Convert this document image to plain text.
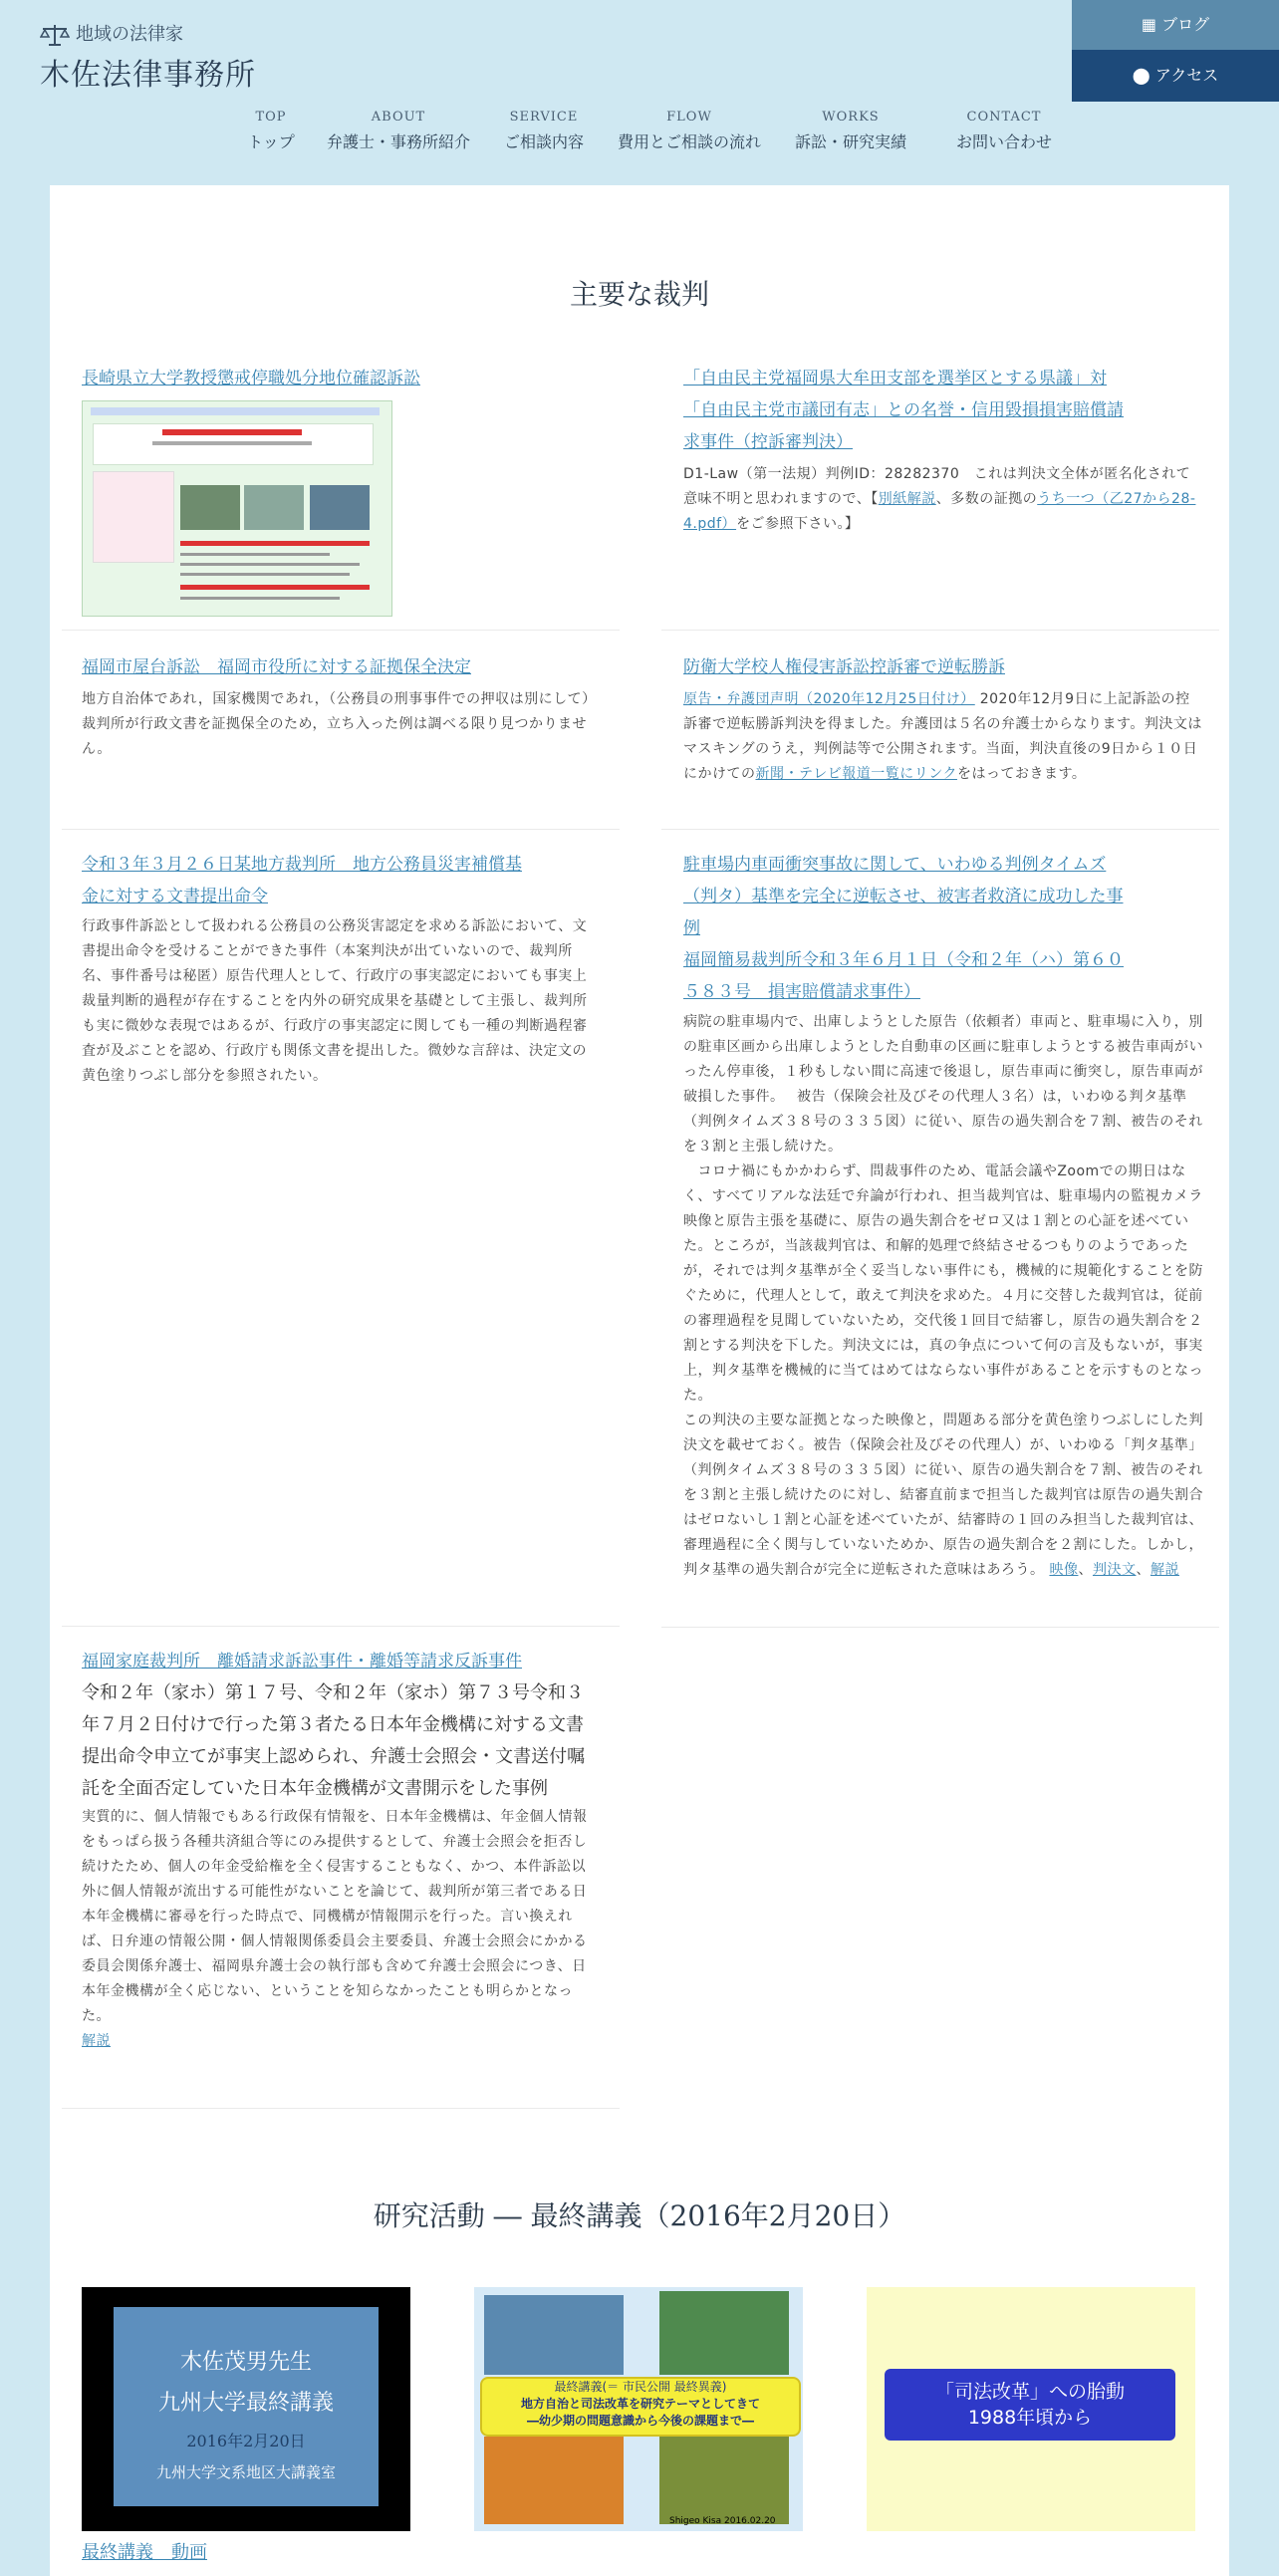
地域の法律家
木佐法律事務所
▦ ブログ
⬤ アクセス
TOP
トップ
ABOUT
弁護士・事務所紹介
SERVICE
ご相談内容
FLOW
費用とご相談の流れ
WORKS
訴訟・研究実績
CONTACT
お問い合わせ
主要な裁判
長崎県立大学教授懲戒停職処分地位確認訴訟	「自由民主党福岡県大牟田支部を選挙区とする県議」対
「自由民主党市議団有志」との名誉・信用毀損損害賠償請
求事件（控訴審判決）
D1-Law（第一法規）判例ID：28282370　これは判決文全体が匿名化されて意味不明と思われますので、【別紙解説、多数の証拠のうち一つ（乙27から28-4.pdf）をご参照下さい。】
福岡市屋台訴訟　福岡市役所に対する証拠保全決定
地方自治体であれ，国家機関であれ，（公務員の刑事事件での押収は別にして）裁判所が行政文書を証拠保全のため，立ち入った例は調べる限り見つかりません。
防衛大学校人権侵害訴訟控訴審で逆転勝訴
原告・弁護団声明（2020年12月25日付け） 2020年12月9日に上記訴訟の控訴審で逆転勝訴判決を得ました。弁護団は５名の弁護士からなります。判決文はマスキングのうえ，判例誌等で公開されます。当面，判決直後の9日から１０日にかけての新聞・テレビ報道一覧にリンクをはっておきます。
令和３年３月２６日某地方裁判所　地方公務員災害補償基
金に対する文書提出命令
行政事件訴訟として扱われる公務員の公務災害認定を求める訴訟において、文書提出命令を受けることができた事件（本案判決が出ていないので、裁判所名、事件番号は秘匿）原告代理人として、行政庁の事実認定においても事実上裁量判断的過程が存在することを内外の研究成果を基礎として主張し、裁判所も実に微妙な表現ではあるが、行政庁の事実認定に関しても一種の判断過程審査が及ぶことを認め、行政庁も関係文書を提出した。微妙な言辞は、決定文の黄色塗りつぶし部分を参照されたい。
駐車場内車両衝突事故に関して、いわゆる判例タイムズ
（判タ）基準を完全に逆転させ、被害者救済に成功した事
例
福岡簡易裁判所令和３年６月１日（令和２年（ハ）第６０
５８３号　損害賠償請求事件）
病院の駐車場内で、出庫しようとした原告（依頼者）車両と、駐車場に入り，別の駐車区画から出庫しようとした自動車の区画に駐車しようとする被告車両がいったん停車後，１秒もしない間に高速で後退し，原告車両に衝突し，原告車両が破損した事件。　 被告（保険会社及びその代理人３名）は，いわゆる判タ基準（判例タイムズ３８号の３３５図）に従い、原告の過失割合を７割、被告のそれを３割と主張し続けた。
　コロナ禍にもかかわらず、問裁事件のため、電話会議やZoomでの期日はなく、すべてリアルな法廷で弁論が行われ、担当裁判官は、駐車場内の監視カメラ映像と原告主張を基礎に、原告の過失割合をゼロ又は１割との心証を述べていた。ところが，当該裁判官は、和解的処理で終結させるつもりのようであったが，それでは判タ基準が全く妥当しない事件にも，機械的に規範化することを防ぐために，代理人として，敢えて判決を求めた。４月に交替した裁判官は，従前の審理過程を見聞していないため，交代後１回目で結審し，原告の過失割合を２割とする判決を下した。判決文には，真の争点について何の言及もないが，事実上，判タ基準を機械的に当てはめてはならない事件があることを示すものとなった。
この判決の主要な証拠となった映像と，問題ある部分を黄色塗りつぶしにした判決文を載せておく。被告（保険会社及びその代理人）が、いわゆる「判タ基準」（判例タイムズ３８号の３３５図）に従い、原告の過失割合を７割、被告のそれを３割と主張し続けたのに対し、結審直前まで担当した裁判官は原告の過失割合はゼロないし１割と心証を述べていたが、結審時の１回のみ担当した裁判官は、審理過程に全く関与していないためか、原告の過失割合を２割にした。しかし，判タ基準の過失割合が完全に逆転された意味はあろう。 映像、判決文、解説
福岡家庭裁判所　離婚請求訴訟事件・離婚等請求反訴事件
令和２年（家ホ）第１７号、令和２年（家ホ）第７３号令和３年７月２日付けで行った第３者たる日本年金機構に対する文書提出命令申立てが事実上認められ、弁護士会照会・文書送付嘱託を全面否定していた日本年金機構が文書開示をした事例
実質的に、個人情報でもある行政保有情報を、日本年金機構は、年金個人情報をもっぱら扱う各種共済組合等にのみ提供するとして、弁護士会照会を拒否し続けたため、個人の年金受給権を全く侵害することもなく、かつ、本件訴訟以外に個人情報が流出する可能性がないことを論じて、裁判所が第三者である日本年金機構に審尋を行った時点で、同機構が情報開示を行った。言い換えれば、日弁連の情報公開・個人情報関係委員会主要委員、弁護士会照会にかかる委員会関係弁護士、福岡県弁護士会の執行部も含めて弁護士会照会につき、日本年金機構が全く応じない、ということを知らなかったことも明らかとなった。
解説
研究活動 ― 最終講義（2016年2月20日）
木佐茂男先生
九州大学最終講義
2016年2月20日
九州大学文系地区大講義室
最終講義(＝ 市民公開 最終異義)
地方自治と司法改革を研究テーマとしてきて
―幼少期の問題意識から今後の課題まで―
Shigeo Kisa 2016.02.20
「司法改革」への胎動
1988年頃から
最終講義　動画
